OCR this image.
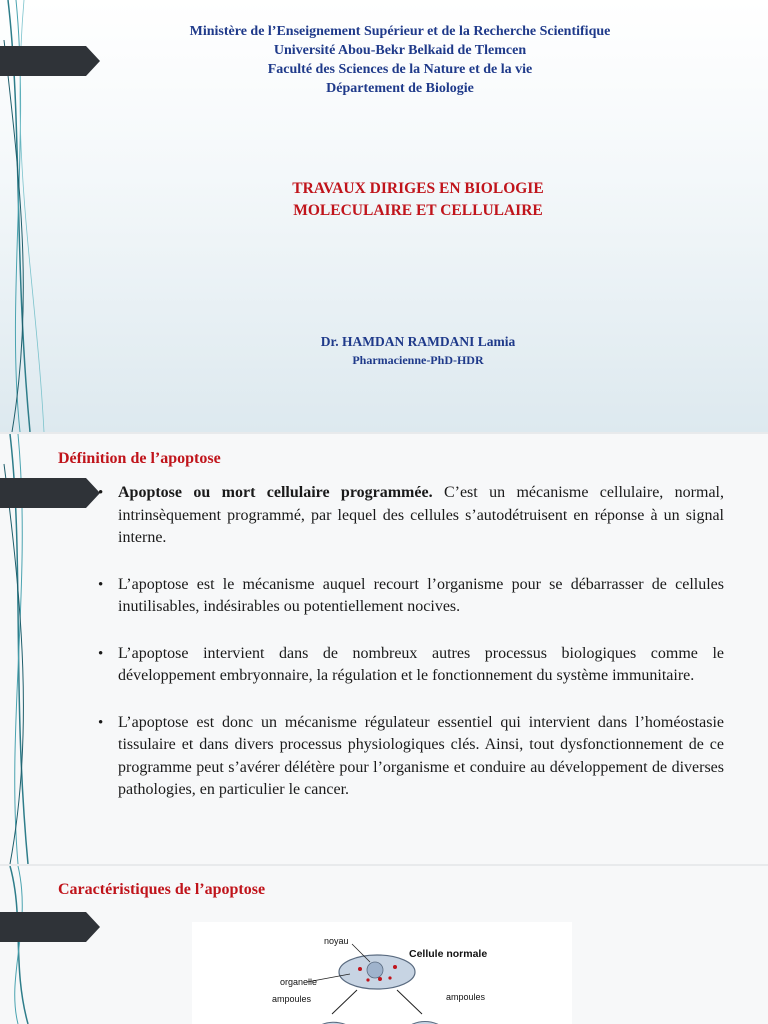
Ministère de l’Enseignement Supérieur et de la Recherche Scientifique
Université Abou-Bekr Belkaid de Tlemcen
Faculté des Sciences de la Nature et de la vie
Département de Biologie
TRAVAUX DIRIGES EN BIOLOGIE
MOLECULAIRE ET CELLULAIRE
Dr. HAMDAN RAMDANI Lamia
Pharmacienne-PhD-HDR
Définition de l’apoptose
• Apoptose ou mort cellulaire programmée. C’est un mécanisme cellulaire, normal, intrinsèquement programmé, par lequel des cellules s’autodétruisent en réponse à un signal interne.
• L’apoptose est le mécanisme auquel recourt l’organisme pour se débarrasser de cellules inutilisables, indésirables ou potentiellement nocives.
• L’apoptose intervient dans de nombreux autres processus biologiques comme le développement embryonnaire, la régulation et le fonctionnement du système immunitaire.
• L’apoptose est donc un mécanisme régulateur essentiel qui intervient dans l’homéostasie tissulaire et dans divers processus physiologiques clés. Ainsi, tout dysfonctionnement de ce programme peut s’avérer délétère pour l’organisme et conduire au développement de diverses pathologies, en particulier le cancer.
Caractéristiques de l’apoptose
noyau
Cellule normale
organelle
ampoules	ampoules
